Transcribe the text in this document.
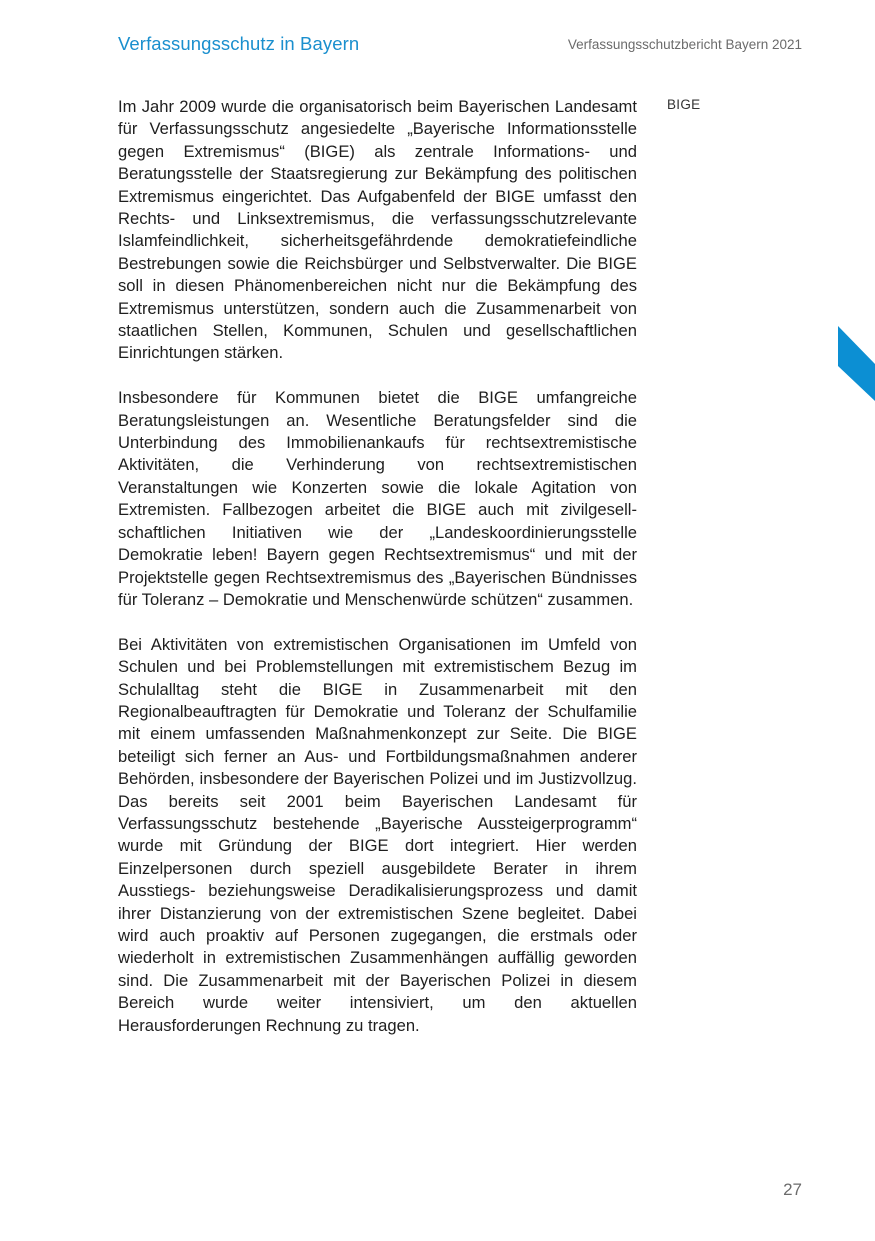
Verfassungsschutz in Bayern	Verfassungsschutzbericht Bayern 2021
BIGE

Im Jahr 2009 wurde die organisatorisch beim Bayerischen Landesamt für Verfassungsschutz angesiedelte „Bayerische Informationsstelle gegen Extremismus“ (BIGE) als zentrale Informations- und Beratungsstelle der Staatsregierung zur Bekämpfung des politischen Extremismus eingerichtet. Das Aufgabenfeld der BIGE umfasst den Rechts- und Linksextremismus, die verfassungsschutzrelevante Islamfeindlichkeit, sicherheitsgefährdende demokratiefeindliche Bestrebungen sowie die Reichsbürger und Selbstverwalter. Die BIGE soll in diesen Phänomenbereichen nicht nur die Bekämpfung des Extremismus unterstützen, sondern auch die Zusammenarbeit von staatlichen Stellen, Kommunen, Schulen und gesellschaftlichen Einrichtungen stärken.

Insbesondere für Kommunen bietet die BIGE umfangreiche Beratungsleistungen an. Wesentliche Beratungsfelder sind die Unterbindung des Immobilienankaufs für rechtsextremistische Aktivitäten, die Verhinderung von rechtsextremistischen Veranstaltungen wie Konzerten sowie die lokale Agitation von Extremisten. Fallbezogen arbeitet die BIGE auch mit zivilgesellschaftlichen Initiativen wie der „Landeskoordinierungsstelle Demokratie leben! Bayern gegen Rechtsextremismus“ und mit der Projektstelle gegen Rechtsextremismus des „Bayerischen Bündnisses für Toleranz – Demokratie und Menschenwürde schützen“ zusammen.

Bei Aktivitäten von extremistischen Organisationen im Umfeld von Schulen und bei Problemstellungen mit extremistischem Bezug im Schulalltag steht die BIGE in Zusammenarbeit mit den Regionalbeauftragten für Demokratie und Toleranz der Schulfamilie mit einem umfassenden Maßnahmenkonzept zur Seite. Die BIGE beteiligt sich ferner an Aus- und Fortbildungsmaßnahmen anderer Behörden, insbesondere der Bayerischen Polizei und im Justizvollzug. Das bereits seit 2001 beim Bayerischen Landesamt für Verfassungsschutz bestehende „Bayerische Aussteigerprogramm“ wurde mit Gründung der BIGE dort integriert. Hier werden Einzelpersonen durch speziell ausgebildete Berater in ihrem Ausstiegs- beziehungsweise Deradikalisierungsprozess und damit ihrer Distanzierung von der extremistischen Szene begleitet. Dabei wird auch proaktiv auf Personen zugegangen, die erstmals oder wiederholt in extremistischen Zusammenhängen auffällig geworden sind. Die Zusammenarbeit mit der Bayerischen Polizei in diesem Bereich wurde weiter intensiviert, um den aktuellen Herausforderungen Rechnung zu tragen.

27
